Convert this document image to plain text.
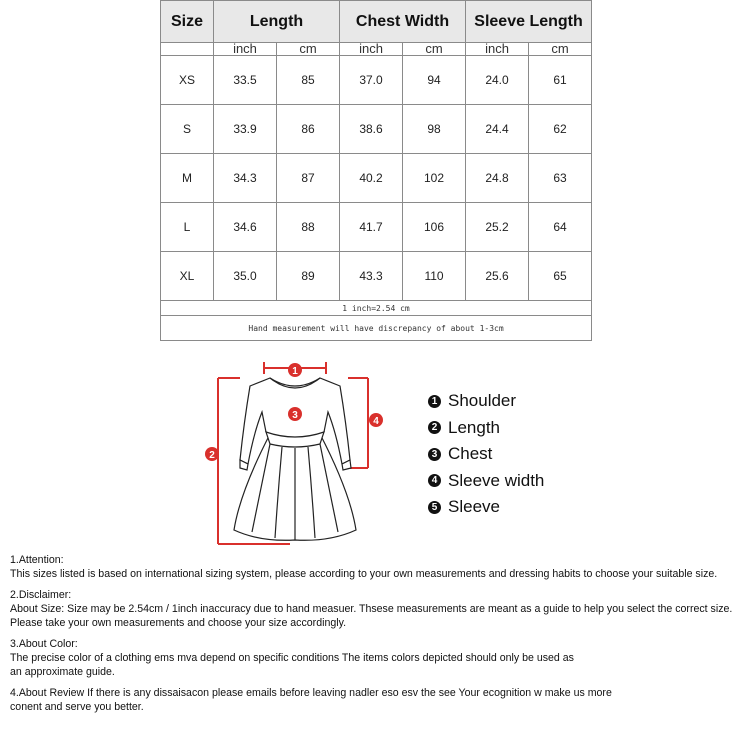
Size	Length		Chest Width		Sleeve Length	
	inch	cm	inch	cm	inch	cm
XS	33.5	85	37.0	94	24.0	61
S	33.9	86	38.6	98	24.4	62
M	34.3	87	40.2	102	24.8	63
L	34.6	88	41.7	106	25.2	64
XL	35.0	89	43.3	110	25.6	65
1 inch=2.54 cm						
Hand measurement will have discrepancy of about 1-3cm						
1
3
2
4
1 Shoulder
2 Length
3 Chest
4 Sleeve width
5 Sleeve

1.Attention:

This sizes listed is based on international sizing system, please according to your own measurements and dressing habits to choose your suitable size.

2.Disclaimer:

About Size: Size may be 2.54cm / 1inch inaccuracy due to hand measuer. Thsese measurements are meant as a guide to help you select the correct size.

Please take your own measurements and choose your size accordingly.

3.About Color:

The precise color of a clothing ems mva depend on specific conditions The items colors depicted should only be used as

an approximate guide.

4.About Review If there is any dissaisacon please emails before leaving nadler eso esv the see Your ecognition w make us more

conent and serve you better.
